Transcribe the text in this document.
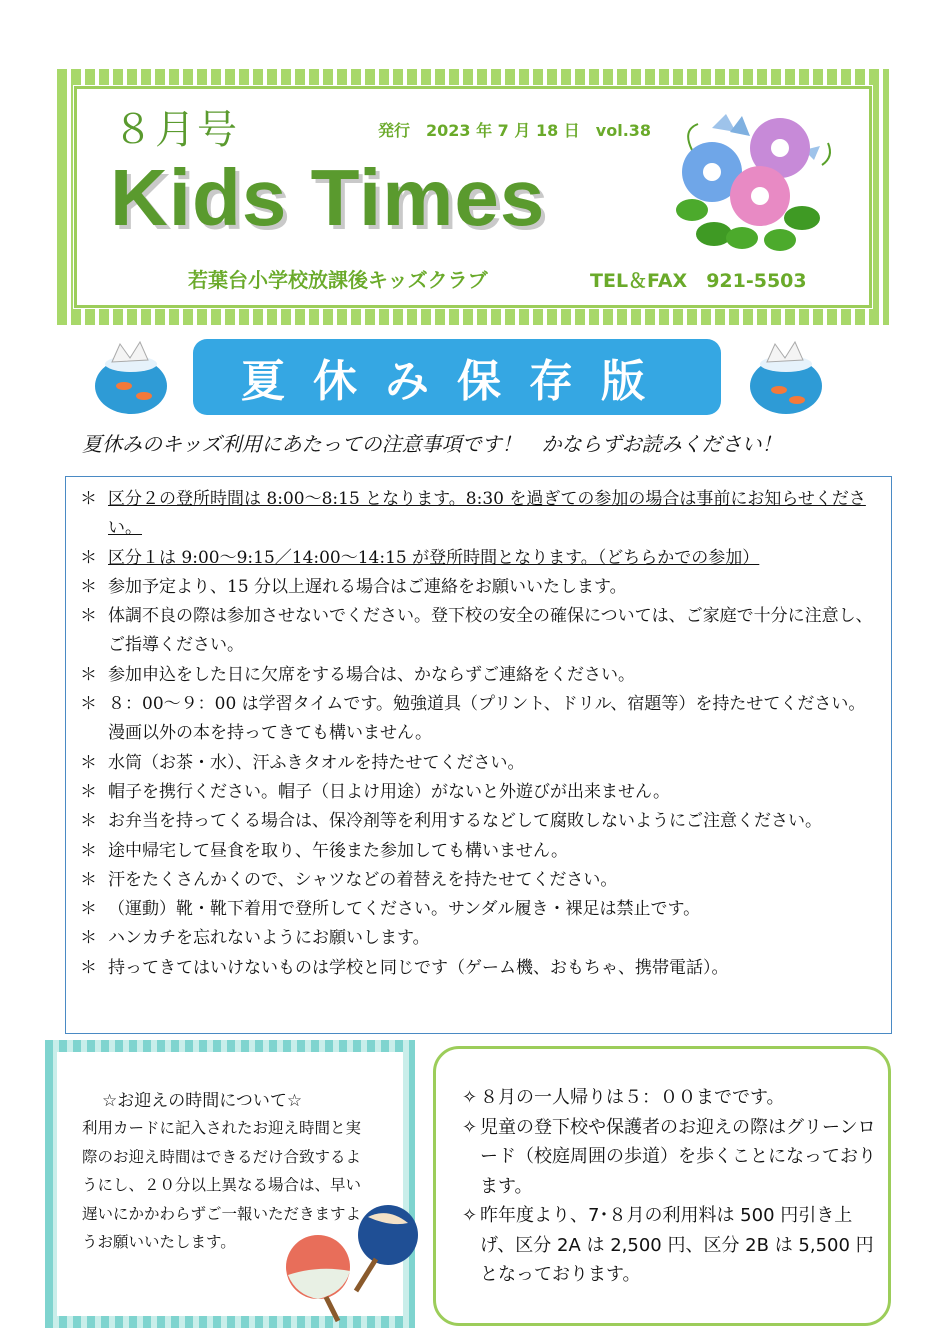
８月号	発行　2023 年 7 月 18 日　vol.38
Kids Times
若葉台小学校放課後キッズクラブ	TEL＆FAX　921-5503
夏休み保存版
夏休みのキッズ利用にあたっての注意事項です！　かならずお読みください！
＊ 区分２の登所時間は 8:00～8:15 となります。8:30 を過ぎての参加の場合は事前にお知らせください。
＊ 区分１は 9:00～9:15／14:00～14:15 が登所時間となります。（どちらかでの参加）
＊ 参加予定より、15 分以上遅れる場合はご連絡をお願いいたします。
＊ 体調不良の際は参加させないでください。登下校の安全の確保については、ご家庭で十分に注意し、ご指導ください。
＊ 参加申込をした日に欠席をする場合は、かならずご連絡をください。
＊ ８：00～９：00 は学習タイムです。勉強道具（プリント、ドリル、宿題等）を持たせてください。漫画以外の本を持ってきても構いません。
＊ 水筒（お茶・水）、汗ふきタオルを持たせてください。
＊ 帽子を携行ください。帽子（日よけ用途）がないと外遊びが出来ません。
＊ お弁当を持ってくる場合は、保冷剤等を利用するなどして腐敗しないようにご注意ください。
＊ 途中帰宅して昼食を取り、午後また参加しても構いません。
＊ 汗をたくさんかくので、シャツなどの着替えを持たせてください。
＊ （運動）靴・靴下着用で登所してください。サンダル履き・裸足は禁止です。
＊ ハンカチを忘れないようにお願いします。
＊ 持ってきてはいけないものは学校と同じです（ゲーム機、おもちゃ、携帯電話）。
☆お迎えの時間について☆
利用カードに記入されたお迎え時間と実際のお迎え時間はできるだけ合致するようにし、２０分以上異なる場合は、早い遅いにかかわらずご一報いただきますようお願いいたします。
✧ ８月の一人帰りは５：００までです。
✧ 児童の登下校や保護者のお迎えの際はグリーンロード（校庭周囲の歩道）を歩くことになっております。
✧ 昨年度より、7･８月の利用料は 500 円引き上げ、区分 2A は 2,500 円、区分 2B は 5,500 円となっております。
